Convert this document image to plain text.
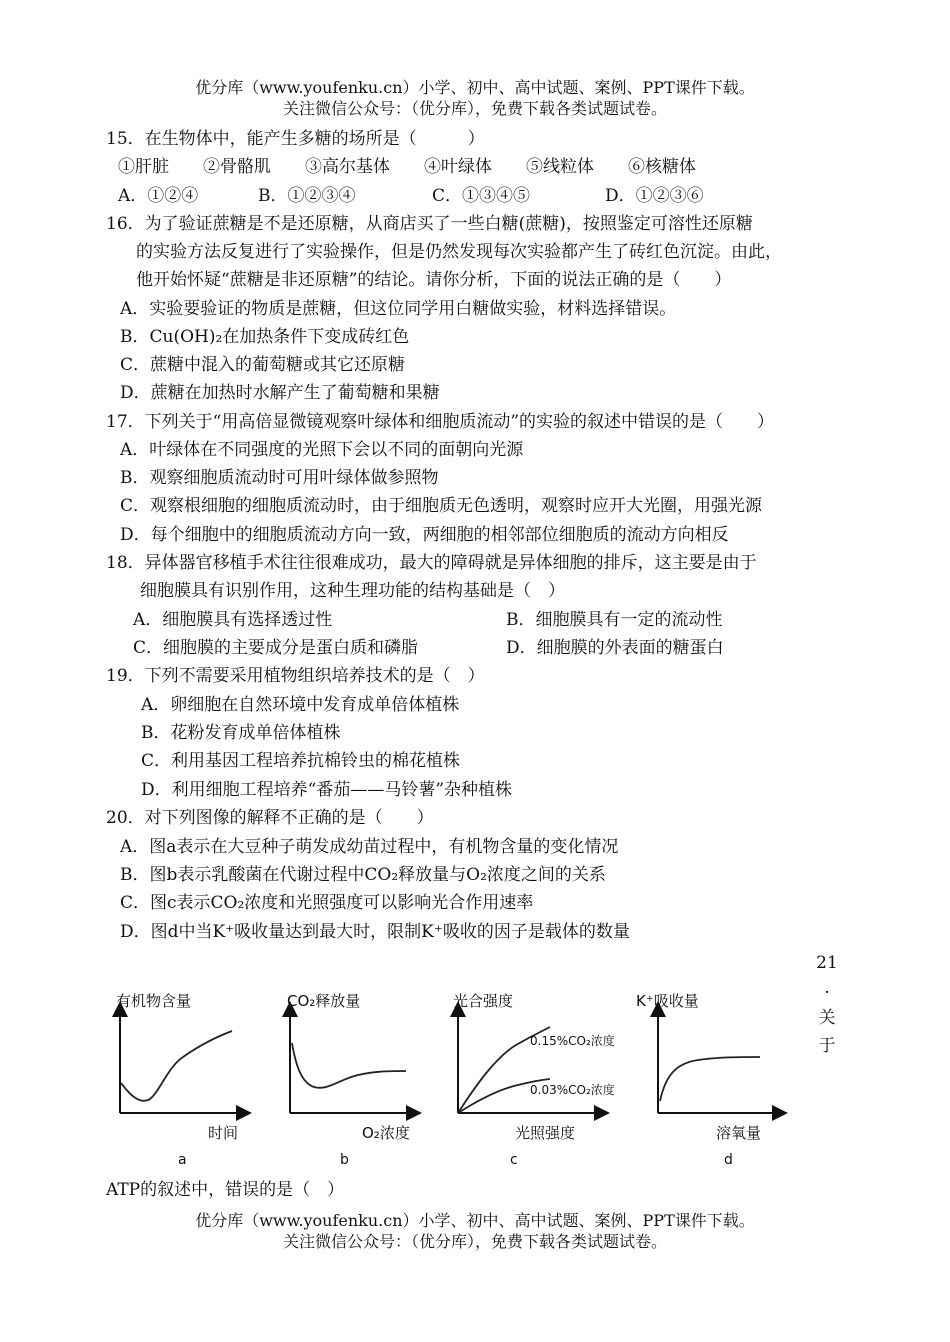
优分库（www.youfenku.cn）小学、初中、高中试题、案例、PPT课件下载。
关注微信公众号：（优分库），免费下载各类试题试卷。
15．在生物体中，能产生多糖的场所是（　　　）
①肝脏　　②骨骼肌　　③高尔基体　　④叶绿体　　⑤线粒体　　⑥核糖体
A．①②④	B．①②③④	C．①③④⑤	D．①②③⑥
16．为了验证蔗糖是不是还原糖，从商店买了一些白糖(蔗糖)，按照鉴定可溶性还原糖
的实验方法反复进行了实验操作，但是仍然发现每次实验都产生了砖红色沉淀。由此，
他开始怀疑“蔗糖是非还原糖”的结论。请你分析，下面的说法正确的是（　　）
A．实验要验证的物质是蔗糖，但这位同学用白糖做实验，材料选择错误。
B．Cu(OH)₂在加热条件下变成砖红色
C．蔗糖中混入的葡萄糖或其它还原糖
D．蔗糖在加热时水解产生了葡萄糖和果糖
17．下列关于“用高倍显微镜观察叶绿体和细胞质流动”的实验的叙述中错误的是（　　）
A．叶绿体在不同强度的光照下会以不同的面朝向光源
B．观察细胞质流动时可用叶绿体做参照物
C．观察根细胞的细胞质流动时，由于细胞质无色透明，观察时应开大光圈，用强光源
D．每个细胞中的细胞质流动方向一致，两细胞的相邻部位细胞质的流动方向相反
18．异体器官移植手术往往很难成功，最大的障碍就是异体细胞的排斥，这主要是由于
细胞膜具有识别作用，这种生理功能的结构基础是（　）
A．细胞膜具有选择透过性	B．细胞膜具有一定的流动性
C．细胞膜的主要成分是蛋白质和磷脂	D．细胞膜的外表面的糖蛋白
19．下列不需要采用植物组织培养技术的是（　）
A．卵细胞在自然环境中发育成单倍体植株
B．花粉发育成单倍体植株
C．利用基因工程培养抗棉铃虫的棉花植株
D．利用细胞工程培养“番茄——马铃薯”杂种植株
20．对下列图像的解释不正确的是（　　）
A．图a表示在大豆种子萌发成幼苗过程中，有机物含量的变化情况
B．图b表示乳酸菌在代谢过程中CO₂释放量与O₂浓度之间的关系
C．图c表示CO₂浓度和光照强度可以影响光合作用速率
D．图d中当K⁺吸收量达到最大时，限制K⁺吸收的因子是载体的数量
21
.
关
于
有机物含量
时间
a
CO₂释放量
O₂浓度
b
光合强度
0.15%CO₂浓度
0.03%CO₂浓度
光照强度
c
K⁺吸收量
溶氧量
d
ATP的叙述中，错误的是（　）
优分库（www.youfenku.cn）小学、初中、高中试题、案例、PPT课件下载。
关注微信公众号：（优分库），免费下载各类试题试卷。
